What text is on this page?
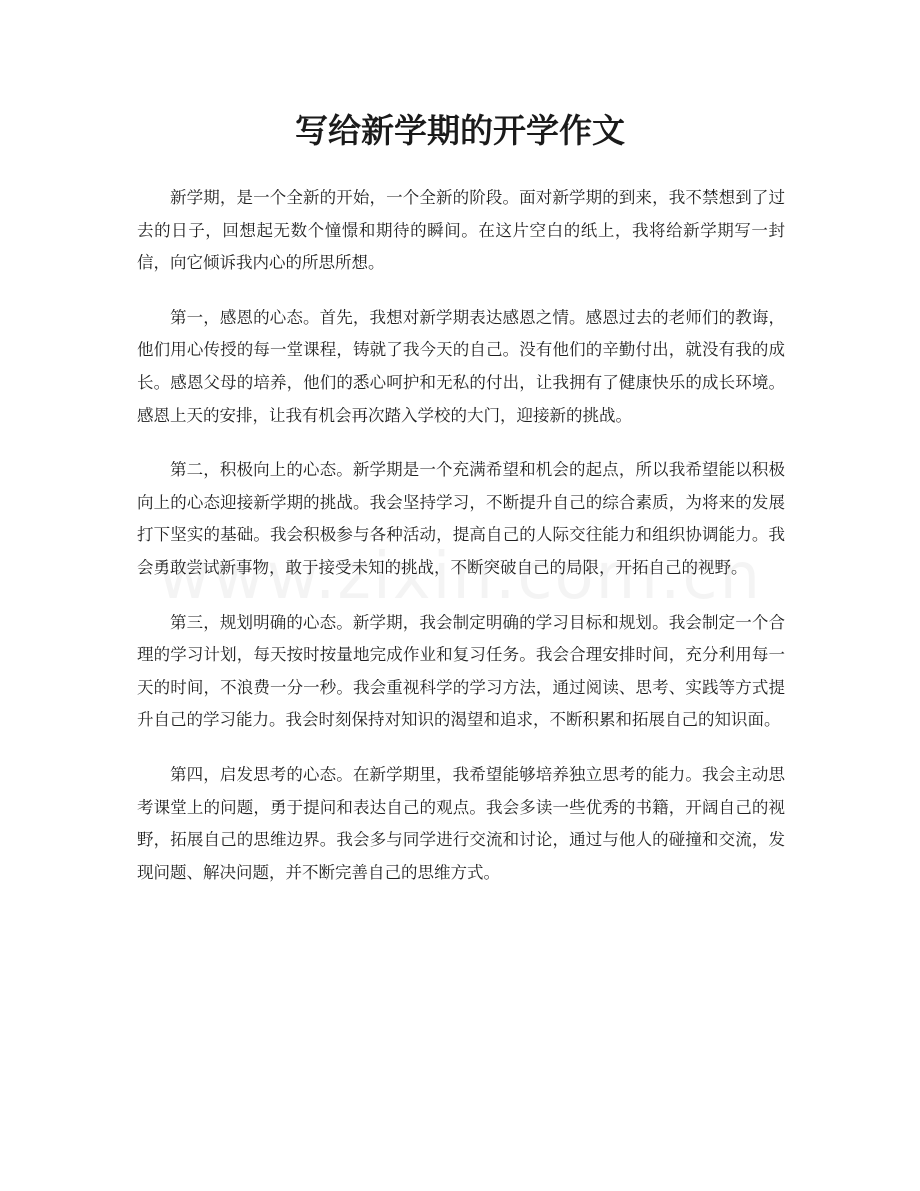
写给新学期的开学作文

新学期，是一个全新的开始，一个全新的阶段。面对新学期的到来，我不禁想到了过去的日子，回想起无数个憧憬和期待的瞬间。在这片空白的纸上，我将给新学期写一封信，向它倾诉我内心的所思所想。

第一，感恩的心态。首先，我想对新学期表达感恩之情。感恩过去的老师们的教诲，他们用心传授的每一堂课程，铸就了我今天的自己。没有他们的辛勤付出，就没有我的成长。感恩父母的培养，他们的悉心呵护和无私的付出，让我拥有了健康快乐的成长环境。感恩上天的安排，让我有机会再次踏入学校的大门，迎接新的挑战。

第二，积极向上的心态。新学期是一个充满希望和机会的起点，所以我希望能以积极向上的心态迎接新学期的挑战。我会坚持学习，不断提升自己的综合素质，为将来的发展打下坚实的基础。我会积极参与各种活动，提高自己的人际交往能力和组织协调能力。我会勇敢尝试新事物，敢于接受未知的挑战，不断突破自己的局限，开拓自己的视野。

第三，规划明确的心态。新学期，我会制定明确的学习目标和规划。我会制定一个合理的学习计划，每天按时按量地完成作业和复习任务。我会合理安排时间，充分利用每一天的时间，不浪费一分一秒。我会重视科学的学习方法，通过阅读、思考、实践等方式提升自己的学习能力。我会时刻保持对知识的渴望和追求，不断积累和拓展自己的知识面。

第四，启发思考的心态。在新学期里，我希望能够培养独立思考的能力。我会主动思考课堂上的问题，勇于提问和表达自己的观点。我会多读一些优秀的书籍，开阔自己的视野，拓展自己的思维边界。我会多与同学进行交流和讨论，通过与他人的碰撞和交流，发现问题、解决问题，并不断完善自己的思维方式。
